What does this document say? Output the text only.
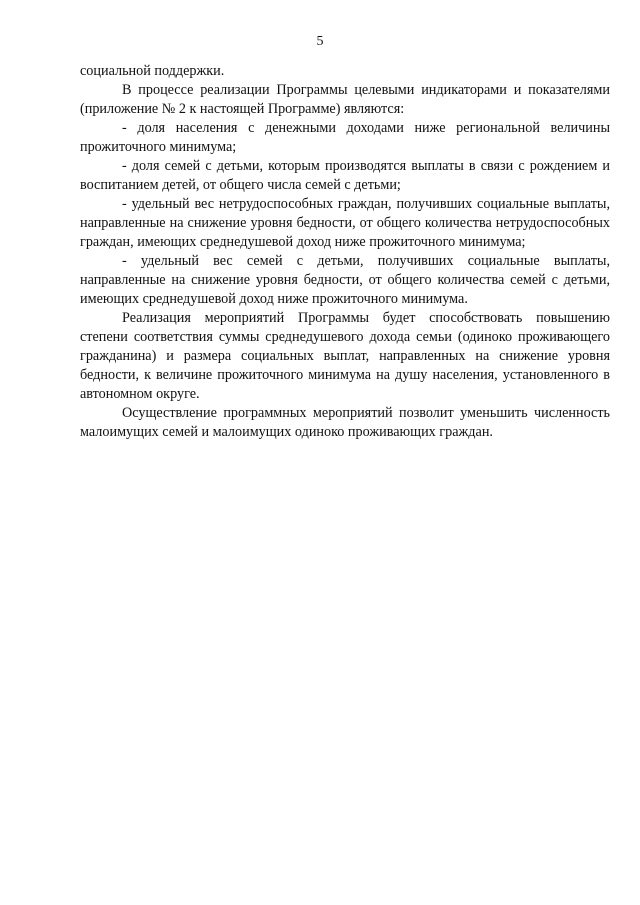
5

социальной поддержки.

В процессе реализации Программы целевыми индикаторами и показателями (приложение № 2 к настоящей Программе) являются:

- доля населения с денежными доходами ниже региональной величины прожиточного минимума;

- доля семей с детьми, которым производятся выплаты в связи с рождением и воспитанием детей, от общего числа семей с детьми;

- удельный вес нетрудоспособных граждан, получивших социальные выплаты, направленные на снижение уровня бедности, от общего количества нетрудоспособных граждан, имеющих среднедушевой доход ниже прожиточного минимума;

- удельный вес семей с детьми, получивших социальные выплаты, направленные на снижение уровня бедности, от общего количества семей с детьми, имеющих среднедушевой доход ниже прожиточного минимума.

Реализация мероприятий Программы будет способствовать повышению степени соответствия суммы среднедушевого дохода семьи (одиноко проживающего гражданина) и размера социальных выплат, направленных на снижение уровня бедности, к величине прожиточного минимума на душу населения, установленного в автономном округе.

Осуществление программных мероприятий позволит уменьшить численность малоимущих семей и малоимущих одиноко проживающих граждан.
